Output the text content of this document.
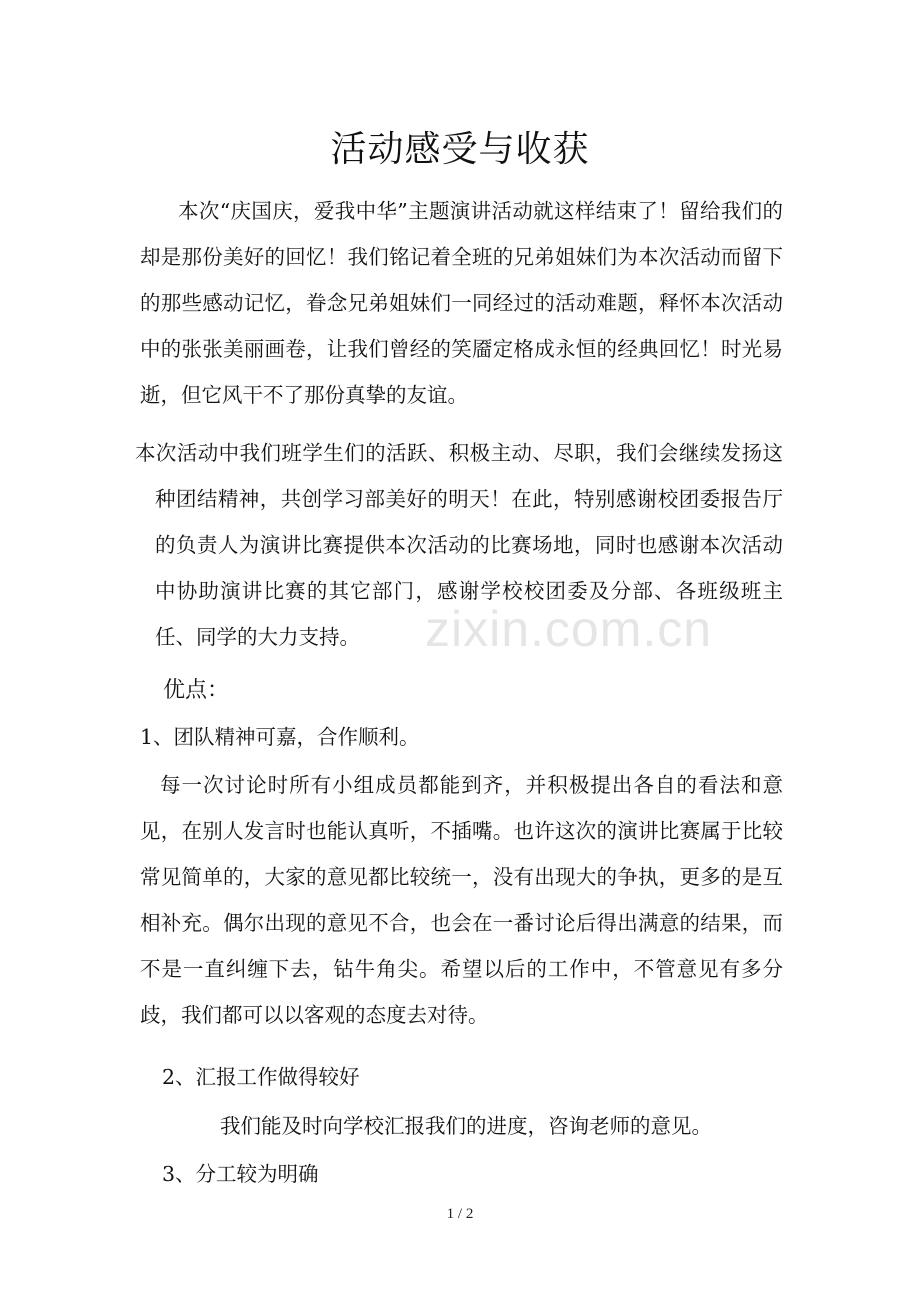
活动感受与收获
本次“庆国庆，爱我中华”主题演讲活动就这样结束了！留给我们的却是那份美好的回忆！我们铭记着全班的兄弟姐妹们为本次活动而留下的那些感动记忆，眷念兄弟姐妹们一同经过的活动难题，释怀本次活动中的张张美丽画卷，让我们曾经的笑靥定格成永恒的经典回忆！时光易逝，但它风干不了那份真挚的友谊。
本次活动中我们班学生们的活跃、积极主动、尽职，我们会继续发扬这种团结精神，共创学习部美好的明天！在此，特别感谢校团委报告厅的负责人为演讲比赛提供本次活动的比赛场地，同时也感谢本次活动中协助演讲比赛的其它部门，感谢学校校团委及分部、各班级班主任、同学的大力支持。	zixin.com.cn
优点：
1、团队精神可嘉，合作顺利。
每一次讨论时所有小组成员都能到齐，并积极提出各自的看法和意见，在别人发言时也能认真听，不插嘴。也许这次的演讲比赛属于比较常见简单的，大家的意见都比较统一，没有出现大的争执，更多的是互相补充。偶尔出现的意见不合，也会在一番讨论后得出满意的结果，而不是一直纠缠下去，钻牛角尖。希望以后的工作中，不管意见有多分歧，我们都可以以客观的态度去对待。
2、汇报工作做得较好
我们能及时向学校汇报我们的进度，咨询老师的意见。
3、分工较为明确
1 / 2
